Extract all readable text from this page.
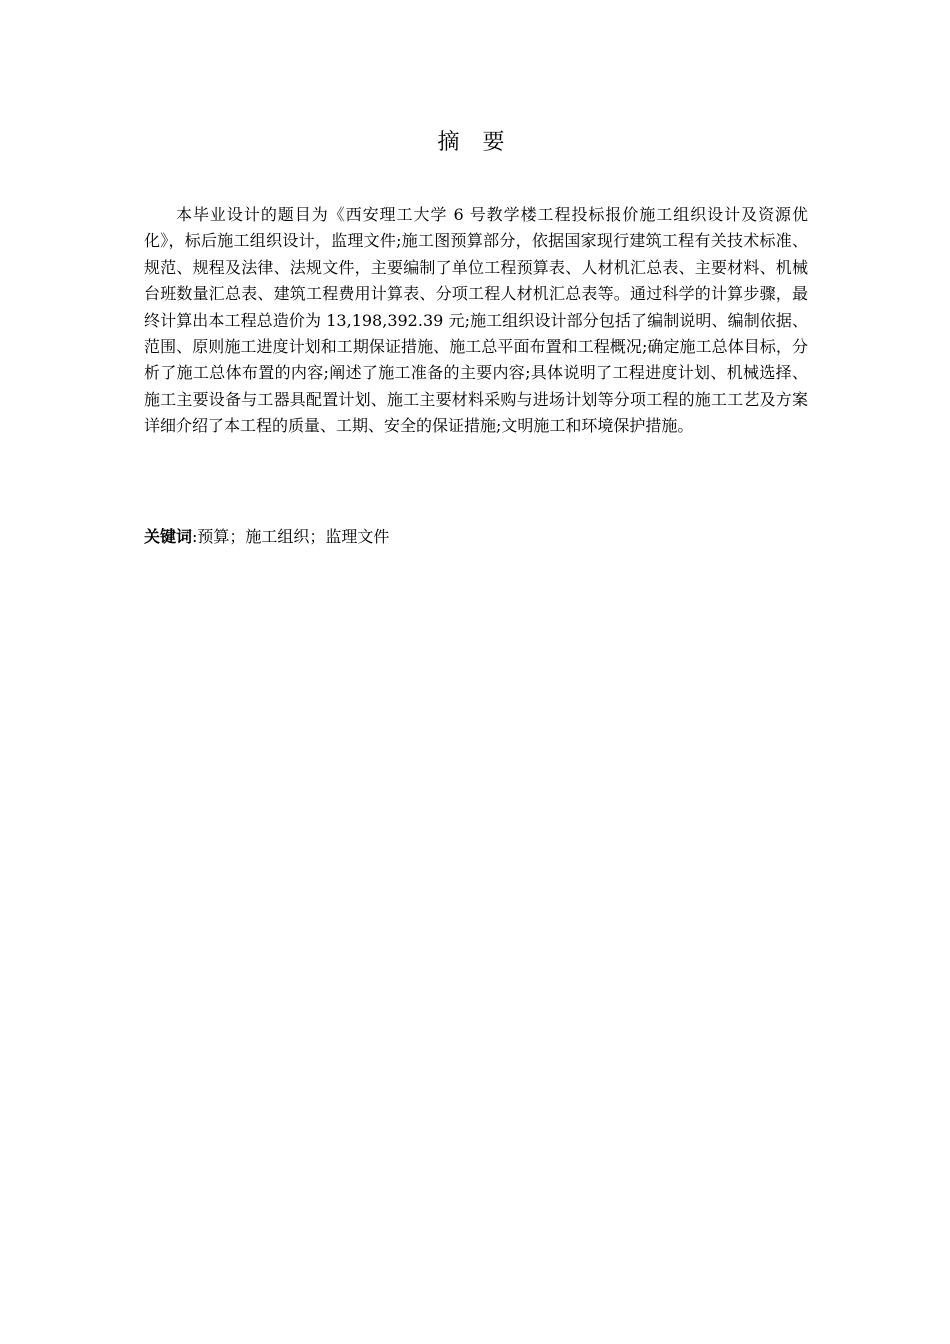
摘 要

本毕业设计的题目为《西安理工大学 6 号教学楼工程投标报价施工组织设计及资源优化》，标后施工组织设计，监理文件;施工图预算部分，依据国家现行建筑工程有关技术标准、规范、规程及法律、法规文件，主要编制了单位工程预算表、人材机汇总表、主要材料、机械台班数量汇总表、建筑工程费用计算表、分项工程人材机汇总表等。通过科学的计算步骤，最终计算出本工程总造价为 13,198,392.39 元;施工组织设计部分包括了编制说明、编制依据、范围、原则施工进度计划和工期保证措施、施工总平面布置和工程概况;确定施工总体目标，分析了施工总体布置的内容;阐述了施工准备的主要内容;具体说明了工程进度计划、机械选择、施工主要设备与工器具配置计划、施工主要材料采购与进场计划等分项工程的施工工艺及方案详细介绍了本工程的质量、工期、安全的保证措施;文明施工和环境保护措施。

关键词:预算；施工组织；监理文件
